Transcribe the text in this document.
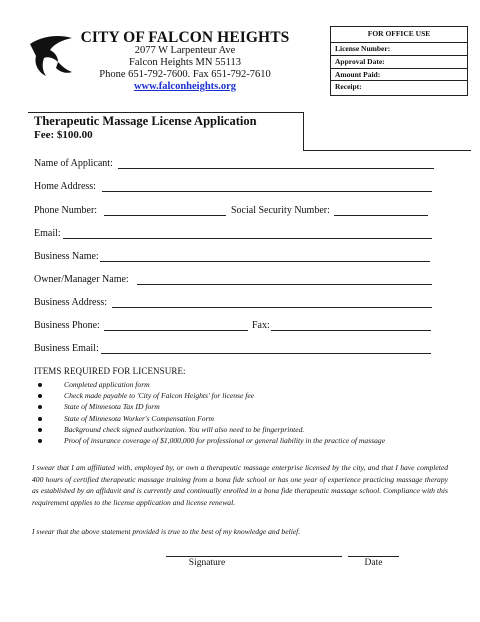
CITY OF FALCON HEIGHTS
2077 W Larpenteur Ave
Falcon Heights MN 55113
Phone 651-792-7600. Fax 651-792-7610
www.falconheights.org
FOR OFFICE USE
License Number:
Approval Date:
Amount Paid:
Receipt:
Therapeutic Massage License Application
Fee: $100.00
Name of Applicant:
Home Address:
Phone Number:	Social Security Number:
Email:
Business Name:
Owner/Manager Name:
Business Address:
Business Phone:	Fax:
Business Email:
ITEMS REQUIRED FOR LICENSURE:
Completed application form
Check made payable to 'City of Falcon Heights' for license fee
State of Minnesota Tax ID form
State of Minnesota Worker's Compensation Form
Background check signed authorization. You will also need to be fingerprinted.
Proof of insurance coverage of $1,000,000 for professional or general liability in the practice of massage
I swear that I am affiliated with, employed by, or own a therapeutic massage enterprise licensed by the city, and that I have completed 400 hours of certified therapeutic massage training from a bona fide school or has one year of experience practicing massage therapy as established by an affidavit and is currently and continually enrolled in a bona fide therapeutic massage school. Compliance with this requirement applies to the license application and license renewal.
I swear that the above statement provided is true to the best of my knowledge and belief.
Signature	Date
